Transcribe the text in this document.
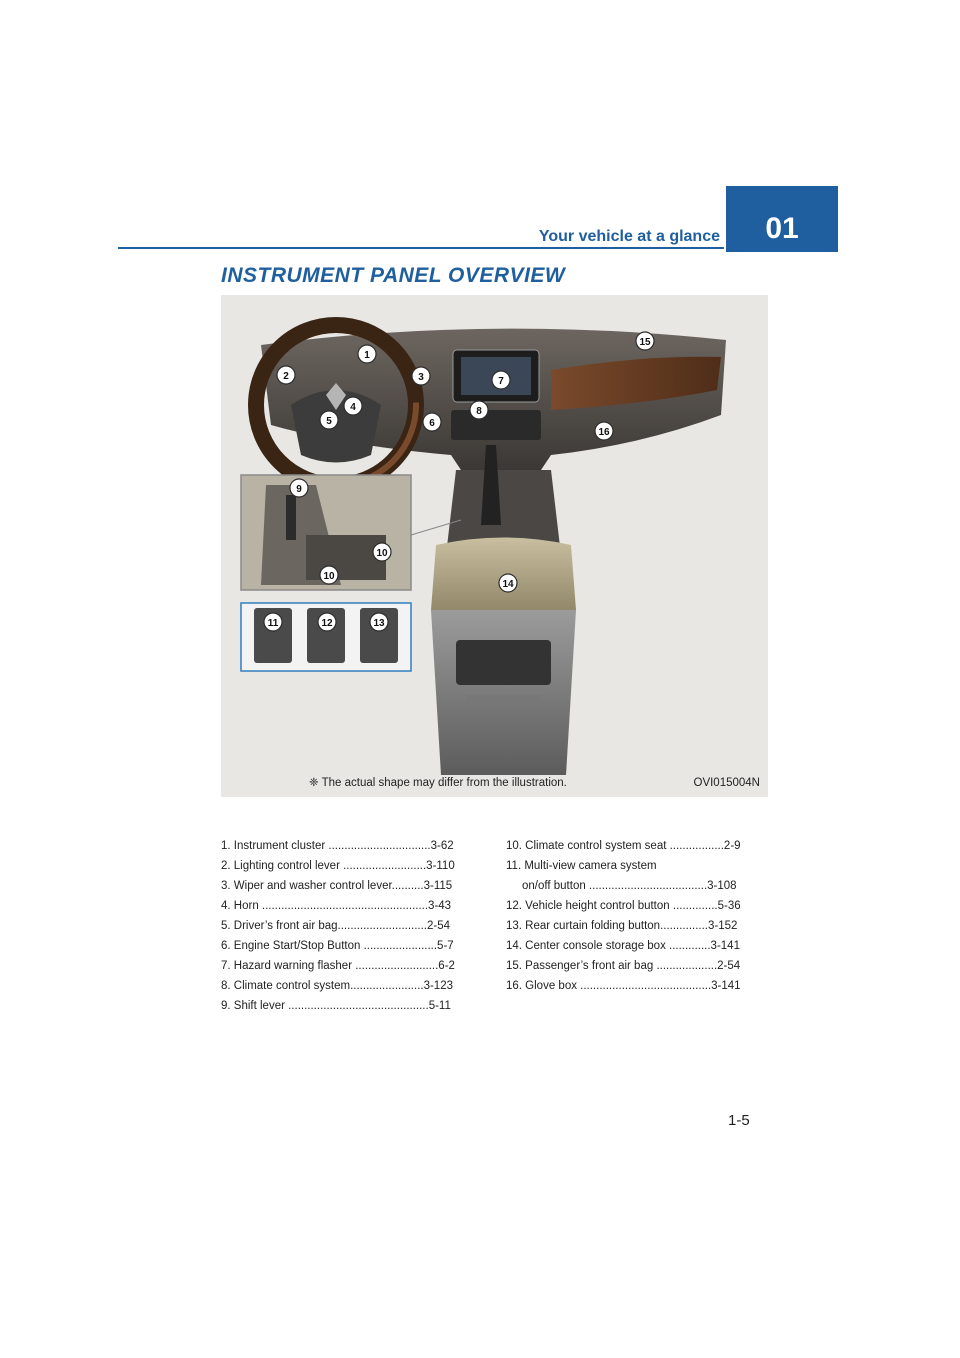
Your vehicle at a glance	01
INSTRUMENT PANEL OVERVIEW
1
2	3
4
5	6
7
8
9
10
10
11	12	13
14
15
16
❈ The actual shape may differ from the illustration.	OVI015004N
1. Instrument cluster ................................3-62
2. Lighting control lever ..........................3-110
3. Wiper and washer control lever..........3-115
4. Horn ....................................................3-43
5. Driver’s front air bag............................2-54
6. Engine Start/Stop Button .......................5-7
7. Hazard warning flasher ..........................6-2
8. Climate control system.......................3-123
9. Shift lever ............................................5-11
10. Climate control system seat .................2-9
11. Multi-view camera system
on/off button .....................................3-108
12. Vehicle height control button ..............5-36
13. Rear curtain folding button...............3-152
14. Center console storage box .............3-141
15. Passenger’s front air bag ...................2-54
16. Glove box .........................................3-141
1-5
